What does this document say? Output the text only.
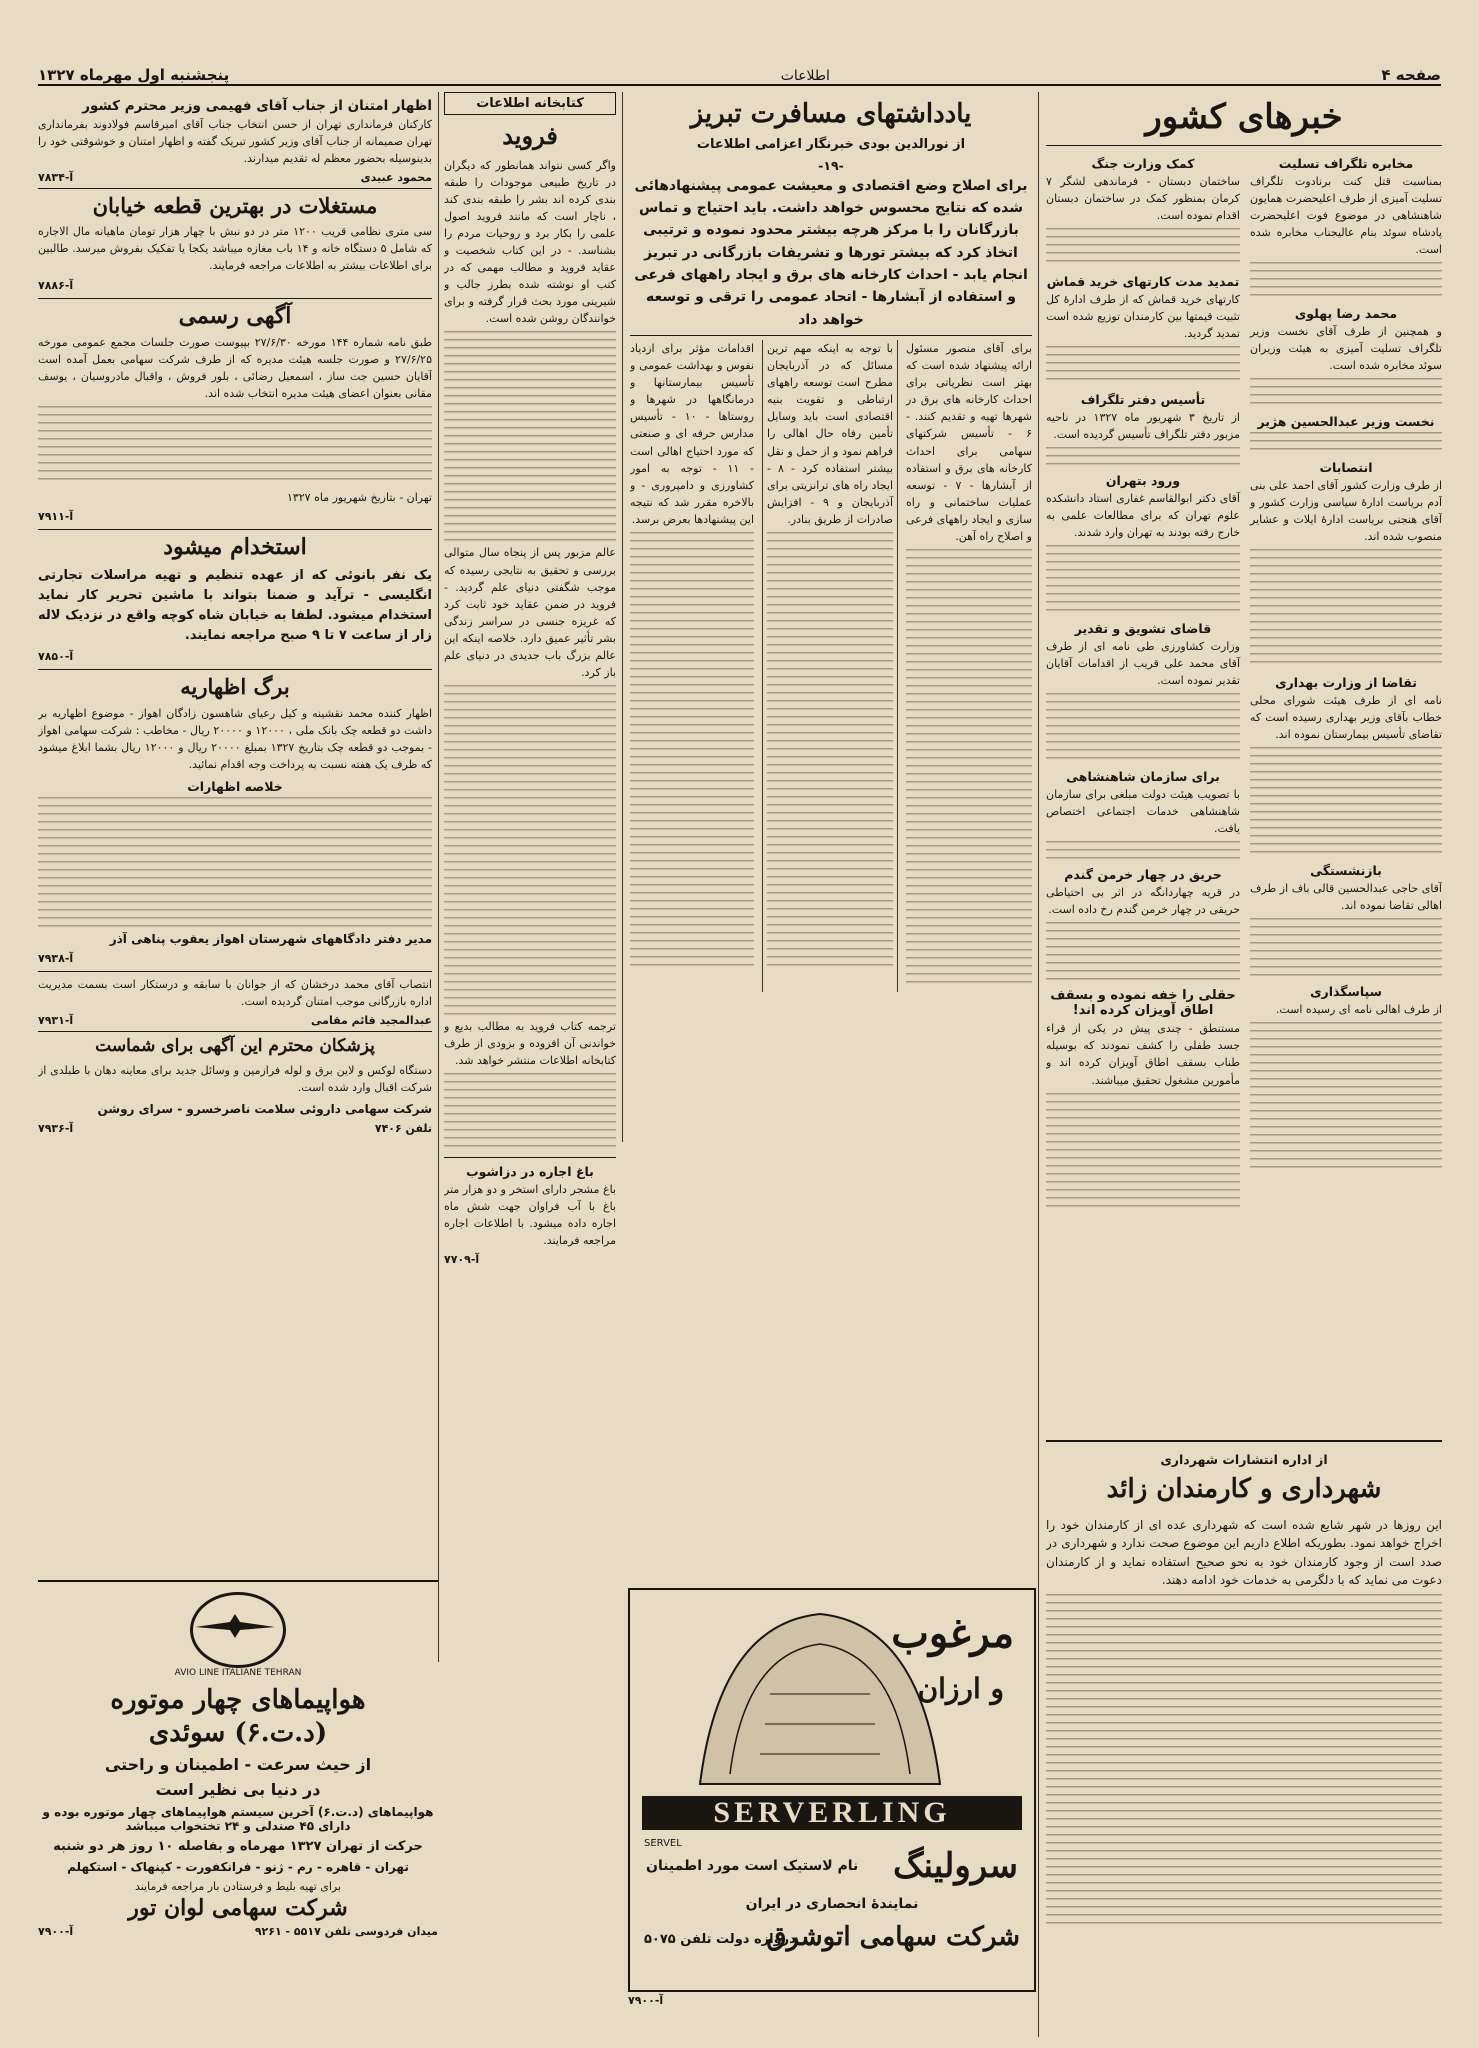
صفحه ۴
اطلاعات
پنجشنبه اول مهرماه ۱۳۲۷
خبرهای کشور
مخابره تلگراف تسلیت

بمناسبت قتل کنت برنادوت تلگراف تسلیت آمیزی از طرف اعلیحضرت همایون شاهنشاهی در موضوع فوت اعلیحضرت پادشاه سوئد بنام عالیجناب مخابره شده است.

محمد رضا پهلوی

و همچنین از طرف آقای نخست وزیر تلگراف تسلیت آمیزی به هیئت وزیران سوئد مخابره شده است.

نخست وزیر عبدالحسین هژیر
انتصابات

از طرف وزارت کشور آقای احمد علی بنی آدم بریاست ادارۀ سیاسی وزارت کشور و آقای هنجنی بریاست ادارۀ ایلات و عشایر منصوب شده اند.

تقاضا از وزارت بهداری

نامه ای از طرف هیئت شورای محلی خطاب بآقای وزیر بهداری رسیده است که تقاضای تأسیس بیمارستان نموده اند.

بازنشستگی

آقای حاجی عبدالحسین قالی باف از طرف اهالی تقاضا نموده اند.

سپاسگذاری

از طرف اهالی نامه ای رسیده است.

کمک وزارت جنگ

ساختمان دبستان - فرماندهی لشگر ۷ کرمان بمنظور کمک در ساختمان دبستان اقدام نموده است.

تمدید مدت کارتهای خرید قماش

کارتهای خرید قماش که از طرف ادارۀ کل تثبیت قیمتها بین کارمندان توزیع شده است تمدید گردید.

تأسیس دفتر تلگراف

از تاریخ ۳ شهریور ماه ۱۳۲۷ در ناحیه مزبور دفتر تلگراف تأسیس گردیده است.

ورود بتهران

آقای دکتر ابوالقاسم غفاری استاد دانشکده علوم تهران که برای مطالعات علمی به خارج رفته بودند به تهران وارد شدند.

قاضای تشویق و تقدیر

وزارت کشاورزی طی نامه ای از طرف آقای محمد علی قریب از اقدامات آقایان تقدیر نموده است.

برای سازمان شاهنشاهی

با تصویب هیئت دولت مبلغی برای سازمان شاهنشاهی خدمات اجتماعی اختصاص یافت.

حریق در چهار خرمن گندم

در قریه چهاردانگه در اثر بی احتیاطی حریقی در چهار خرمن گندم رخ داده است.

حقلی را خفه نموده و بسقف اطاق آویزان کرده اند!

مستنطق - چندی پیش در یکی از قراء جسد طفلی را کشف نمودند که بوسیله طناب بسقف اطاق آویزان کرده اند و مأمورین مشغول تحقیق میباشند.

از اداره انتشارات شهرداری
شهرداری و کارمندان زائد

این روزها در شهر شایع شده است که شهرداری عده ای از کارمندان خود را اخراج خواهد نمود. بطوریکه اطلاع داریم این موضوع صحت ندارد و شهرداری در صدد است از وجود کارمندان خود به نحو صحیح استفاده نماید و از کارمندان دعوت می نماید که با دلگرمی به خدمات خود ادامه دهند.

یادداشتهای مسافرت تبریز
از نورالدین بودی خبرنگار اعزامی اطلاعات
-۱۹-

برای اصلاح وضع اقتصادی و معیشت عمومی پیشنهادهائی شده که نتایج محسوس خواهد داشت. باید احتیاج و تماس بازرگانان را با مرکز هرچه بیشتر محدود نموده و ترتیبی اتخاذ کرد که بیشتر تورها و تشریفات بازرگانی در تبریز انجام یابد - احداث کارخانه های برق و ایجاد راههای فرعی و استفاده از آبشارها - اتحاد عمومی را ترقی و توسعه خواهد داد

برای آقای منصور مسئول ارائه پیشنهاد شده است که بهتر است نظریاتی برای احداث کارخانه های برق در شهرها تهیه و تقدیم کنند. - ۶ - تأسیس شرکتهای سهامی برای احداث کارخانه های برق و استفاده از آبشارها - ۷ - توسعه عملیات ساختمانی و راه سازی و ایجاد راههای فرعی و اصلاح راه آهن.

با توجه به اینکه مهم ترین مسائل که در آذربایجان مطرح است توسعه راههای ارتباطی و تقویت بنیه اقتصادی است باید وسایل تأمین رفاه حال اهالی را فراهم نمود و از حمل و نقل بیشتر استفاده کرد - ۸ - ایجاد راه های ترانزیتی برای آذربایجان و ۹ - افزایش صادرات از طریق بنادر.

اقدامات مؤثر برای ازدیاد نفوس و بهداشت عمومی و تأسیس بیمارستانها و درمانگاهها در شهرها و روستاها - ۱۰ - تأسیس مدارس حرفه ای و صنعتی که مورد احتیاج اهالی است - ۱۱ - توجه به امور کشاورزی و دامپروری - و بالاخره مقرر شد که نتیجه این پیشنهادها بعرض برسد.

کتابخانه اطلاعات
فروید

واگر کسی نتواند همانطور که دیگران در تاریخ طبیعی موجودات را طبقه بندی کرده اند بشر را طبقه بندی کند ، ناچار است که مانند فروید اصول علمی را بکار برد و روحیات مردم را بشناسد. - در این کتاب شخصیت و عقاید فروید و مطالب مهمی که در کتب او نوشته شده بطرز جالب و شیرینی مورد بحث قرار گرفته و برای خوانندگان روشن شده است.

عالم مزبور پس از پنجاه سال متوالی بررسی و تحقیق به نتایجی رسیده که موجب شگفتی دنیای علم گردید. - فروید در ضمن عقاید خود ثابت کرد که غریزه جنسی در سراسر زندگی بشر تأثیر عمیق دارد. خلاصه اینکه این عالم بزرگ باب جدیدی در دنیای علم باز کرد.

ترجمه کتاب فروید به مطالب بدیع و خواندنی آن افزوده و بزودی از طرف کتابخانه اطلاعات منتشر خواهد شد.

باغ اجاره در دزاشوب

باغ مشجر دارای استخر و دو هزار متر باغ با آب فراوان جهت شش ماه اجاره داده میشود. با اطلاعات اجاره مراجعه فرمایند.

آ-۷۷۰۹
اظهار امتنان از جناب آقای فهیمی وزیر محترم کشور

کارکنان فرمانداری تهران از حسن انتخاب جناب آقای امیرقاسم فولادوند بفرمانداری تهران صمیمانه از جناب آقای وزیر کشور تبریک گفته و اظهار امتنان و خوشوقتی خود را بدینوسیله بحضور معظم له تقدیم میدارند.

محمود عبیدی
آ-۷۸۳۴
مستغلات در بهترین قطعه خیابان

سی متری نظامی قریب ۱۲۰۰ متر در دو نبش با چهار هزار تومان ماهیانه مال الاجاره که شامل ۵ دستگاه خانه و ۱۴ باب مغازه میباشد یکجا یا تفکیک بفروش میرسد. طالبین برای اطلاعات بیشتر به اطلاعات مراجعه فرمایند.

آ-۷۸۸۶
آگهی رسمی

طبق نامه شماره ۱۴۴ مورخه ۲۷/۶/۳۰ بپیوست صورت جلسات مجمع عمومی مورخه ۲۷/۶/۲۵ و صورت جلسه هیئت مدیره که از طرف شرکت سهامی بعمل آمده است آقایان حسین جت ساز ، اسمعیل رضائی ، بلور فروش ، واقبال مادروسیان ، یوسف مقانی بعنوان اعضای هیئت مدیره انتخاب شده اند.

تهران - بتاریخ شهریور ماه ۱۳۲۷

آ-۷۹۱۱
استخدام میشود

یک نفر بانوئی که از عهده تنظیم و تهیه مراسلات تجارتی انگلیسی - ترآید و ضمنا بتواند با ماشین تحریر کار نماید استخدام میشود. لطفا به خیابان شاه کوچه واقع در نزدیک لاله زار از ساعت ۷ تا ۹ صبح مراجعه نمایند.

آ-۷۸۵۰
برگ اظهاریه

اظهار کننده محمد نقشینه و کیل رعیای شاهسون زادگان اهواز - موضوع اظهاریه بر داشت دو قطعه چک بانک ملی ، ۱۲۰۰۰ و ۲۰۰۰۰ ریال - مخاطب : شرکت سهامی اهواز - بموجب دو قطعه چک بتاریخ ۱۳۲۷ بمبلغ ۲۰۰۰۰ ریال و ۱۲۰۰۰ ریال بشما ابلاغ میشود که ظرف یک هفته نسبت به پرداخت وجه اقدام نمائید.

خلاصه اظهارات

مدیر دفتر دادگاههای شهرستان اهواز یعقوب پناهی آذر

آ-۷۹۳۸

انتصاب آقای محمد درخشان که از جوانان با سابقه و درستکار است بسمت مدیریت اداره بازرگانی موجب امتنان گردیده است.

عبدالمجید قائم مقامی
آ-۷۹۳۱
پزشکان محترم این آگهی برای شماست

دستگاه لوکس و لاین برق و لوله فرازمین و وسائل جدید برای معاینه دهان با طبلدی از شرکت اقبال وارد شده است.

شرکت سهامی داروئی سلامت ناصرخسرو - سرای روشن

تلفن ۷۴۰۶
آ-۷۹۳۶
AVIO LINE ITALIANE TEHRAN
هواپیماهای چهار موتوره
(د.ت.۶) سوئدی
از حیث سرعت - اطمینان و راحتی
در دنیا بی نظیر است
هواپیماهای (د.ت.۶) آخرین سیستم هواپیماهای چهار موتوره بوده و دارای ۴۵ صندلی و ۲۴ تختخواب میباشد
حرکت از تهران ۱۳۲۷ مهرماه و بفاصله ۱۰ روز هر دو شنبه
تهران - قاهره - رم - ژنو - فرانکفورت - کپنهاک - استکهلم
برای تهیه بلیط و فرستادن بار مراجعه فرمایند
شرکت سهامی لوان تور
میدان فردوسی تلفن ۵۵۱۷ - ۹۲۶۱
آ-۷۹۰۰
مرغوب
و ارزان
SERVERLING
SERVEL
سرولینگ
نام لاستیک است مورد اطمینان
نمایندۀ انحصاری در ایران
شرکت سهامی اتوشرق
دروازه دولت تلفن ۵۰۷۵
آ-۷۹۰۰
